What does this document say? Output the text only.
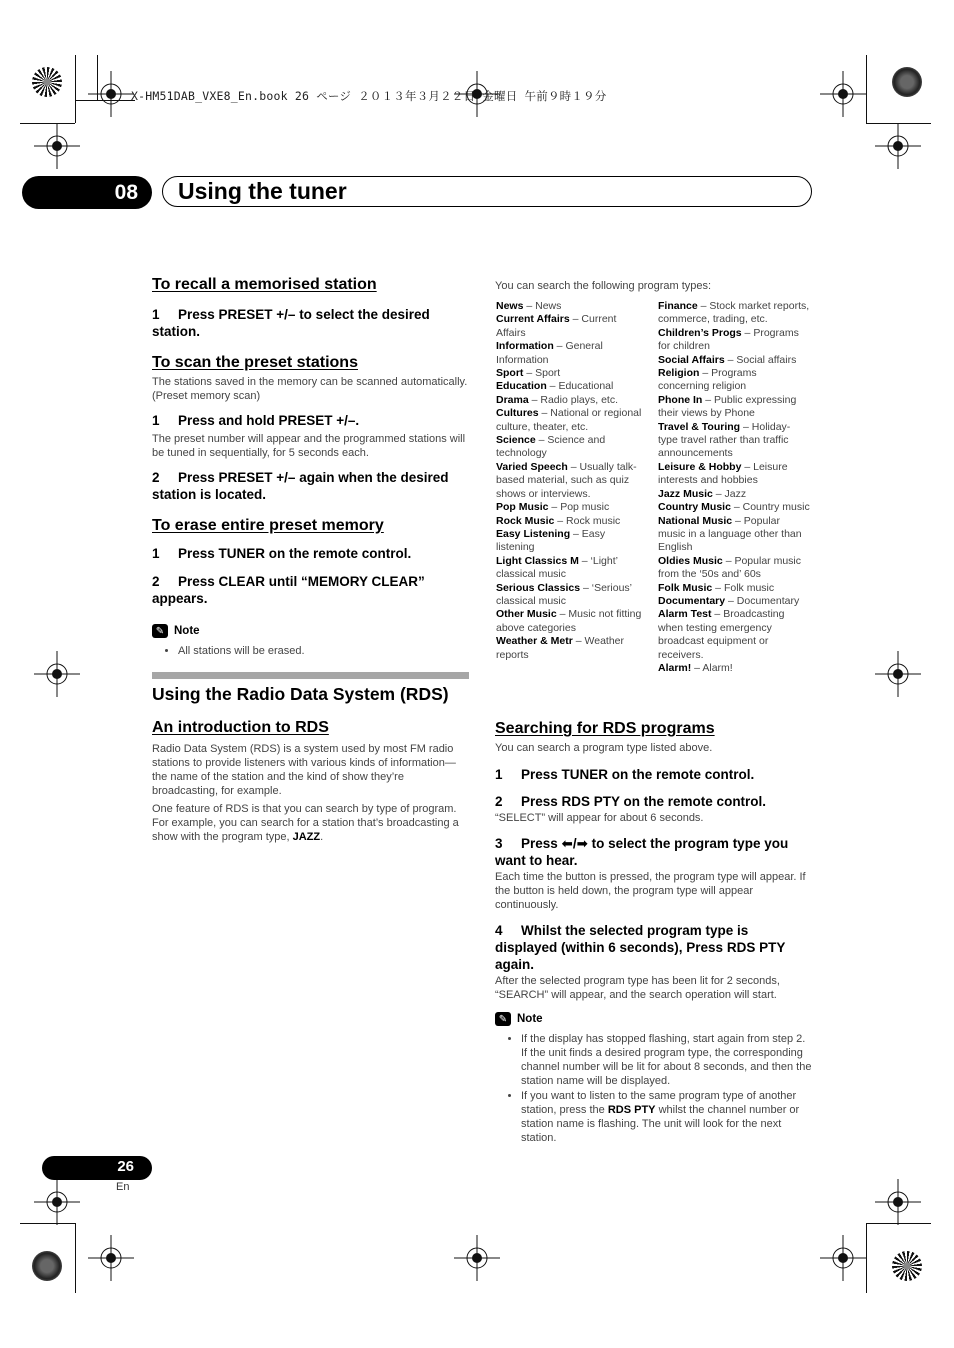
X-HM51DAB_VXE8_En.book 26 ページ ２０１３年３月２２日 金曜日 午前９時１９分
08 Using the tuner
To recall a memorised station

1 Press PRESET +/– to select the desired station.

To scan the preset stations

The stations saved in the memory can be scanned automatically. (Preset memory scan)

1 Press and hold PRESET +/–.

The preset number will appear and the programmed stations will be tuned in sequentially, for 5 seconds each.

2 Press PRESET +/– again when the desired station is located.

To erase entire preset memory

1 Press TUNER on the remote control.

2 Press CLEAR until “MEMORY CLEAR” appears.

✎ Note
• All stations will be erased.
Using the Radio Data System (RDS)
An introduction to RDS

Radio Data System (RDS) is a system used by most FM radio stations to provide listeners with various kinds of information—the name of the station and the kind of show they’re broadcasting, for example.

One feature of RDS is that you can search by type of program. For example, you can search for a station that’s broadcasting a show with the program type, JAZZ.

You can search the following program types:

News – News

Current Affairs – Current Affairs

Information – General Information

Sport – Sport

Education – Educational

Drama – Radio plays, etc.

Cultures – National or regional culture, theater, etc.

Science – Science and technology

Varied Speech – Usually talk-based material, such as quiz shows or interviews.

Pop Music – Pop music

Rock Music – Rock music

Easy Listening – Easy listening

Light Classics M – ‘Light’ classical music

Serious Classics – ‘Serious’ classical music

Other Music – Music not fitting above categories

Weather & Metr – Weather reports

Finance – Stock market reports, commerce, trading, etc.

Children’s Progs – Programs for children

Social Affairs – Social affairs

Religion – Programs concerning religion

Phone In – Public expressing their views by Phone

Travel & Touring – Holiday-type travel rather than traffic announcements

Leisure & Hobby – Leisure interests and hobbies

Jazz Music – Jazz

Country Music – Country music

National Music – Popular music in a language other than English

Oldies Music – Popular music from the ‘50s and’ 60s

Folk Music – Folk music

Documentary – Documentary

Alarm Test – Broadcasting when testing emergency broadcast equipment or receivers.

Alarm! – Alarm!

Searching for RDS programs

You can search a program type listed above.

1 Press TUNER on the remote control.

2 Press RDS PTY on the remote control.

“SELECT” will appear for about 6 seconds.

3 Press ⬅/➡ to select the program type you want to hear.

Each time the button is pressed, the program type will appear. If the button is held down, the program type will appear continuously.

4 Whilst the selected program type is displayed (within 6 seconds), Press RDS PTY again.

After the selected program type has been lit for 2 seconds, “SEARCH” will appear, and the search operation will start.

✎ Note
• If the display has stopped flashing, start again from step 2. If the unit finds a desired program type, the corresponding channel number will be lit for about 8 seconds, and then the station name will be displayed.
• If you want to listen to the same program type of another station, press the RDS PTY whilst the channel number or station name is flashing. The unit will look for the next station.
26
En
